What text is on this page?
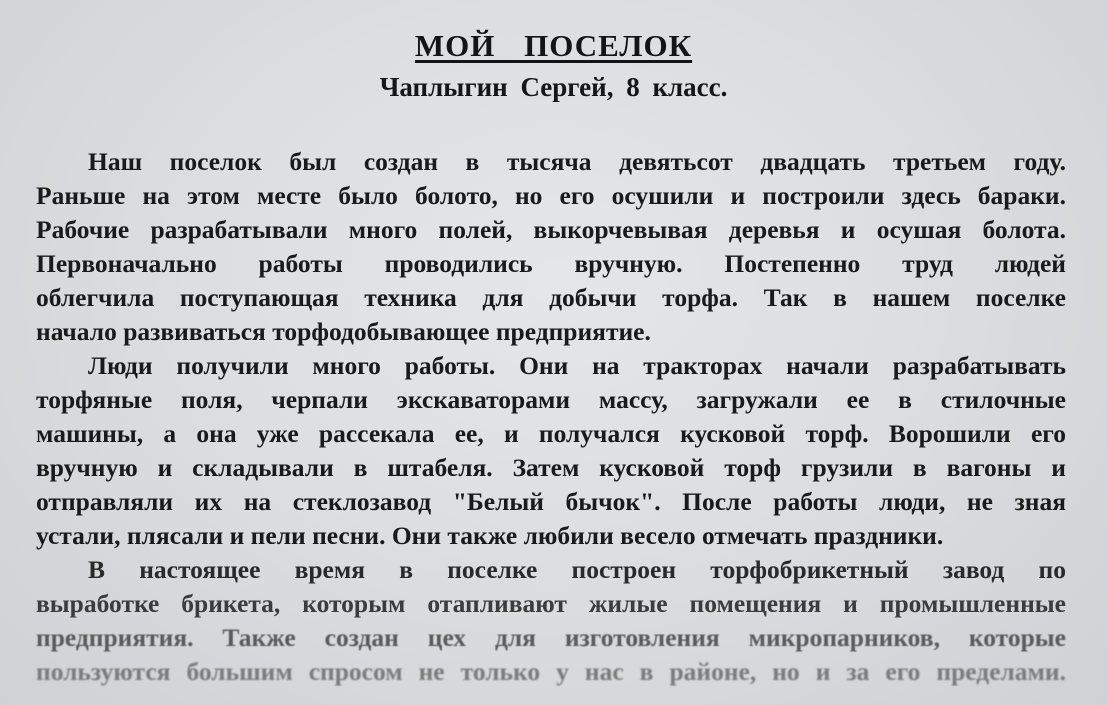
МОЙ ПОСЕЛОК
Чаплыгин Сергей, 8 класс.
Наш поселок был создан в тысяча девятьсот двадцать третьем году.
Раньше на этом месте было болото, но его осушили и построили здесь бараки.
Рабочие разрабатывали много полей, выкорчевывая деревья и осушая болота.
Первоначально работы проводились вручную. Постепенно труд людей
облегчила поступающая техника для добычи торфа. Так в нашем поселке
начало развиваться торфодобывающее предприятие.
Люди получили много работы. Они на тракторах начали разрабатывать
торфяные поля, черпали экскаваторами массу, загружали ее в стилочные
машины, а она уже рассекала ее, и получался кусковой торф. Ворошили его
вручную и складывали в штабеля. Затем кусковой торф грузили в вагоны и
отправляли их на стеклозавод "Белый бычок". После работы люди, не зная
устали, плясали и пели песни. Они также любили весело отмечать праздники.
В настоящее время в поселке построен торфобрикетный завод по
выработке брикета, которым отапливают жилые помещения и промышленные
предприятия. Также создан цех для изготовления микропарников, которые
пользуются большим спросом не только у нас в районе, но и за его пределами.
